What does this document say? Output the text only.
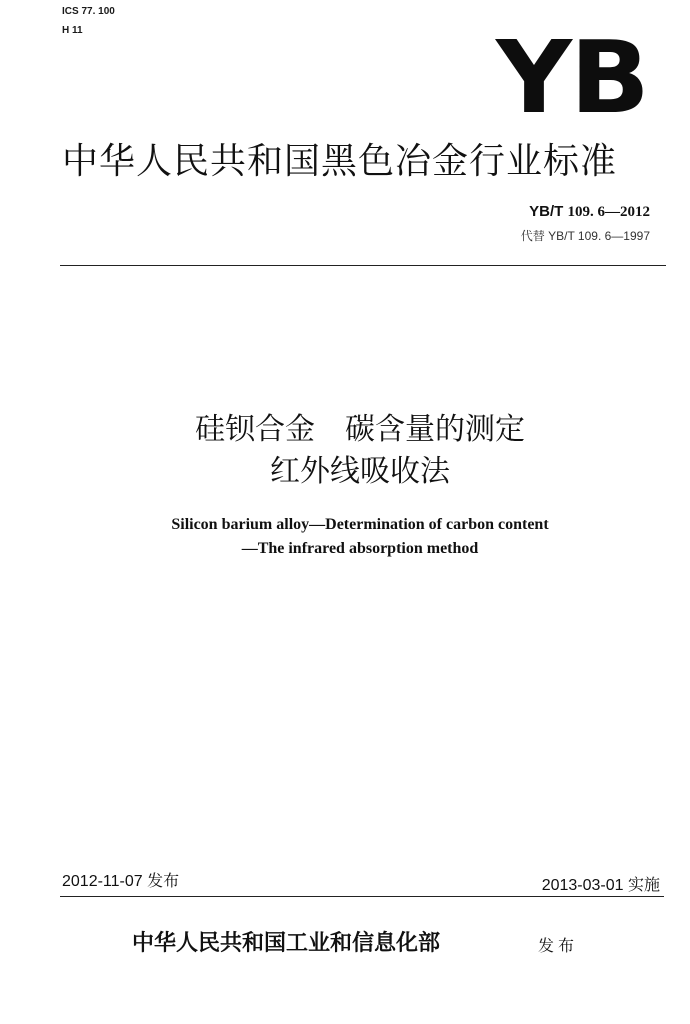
ICS 77. 100
H 11	YB
中华人民共和国黑色冶金行业标准
YB/T 109. 6—2012
代替 YB/T 109. 6—1997
硅钡合金　碳含量的测定
红外线吸收法
Silicon barium alloy—Determination of carbon content
—The infrared absorption method
2012-11-07 发布	2013-03-01 实施
中华人民共和国工业和信息化部	发布
